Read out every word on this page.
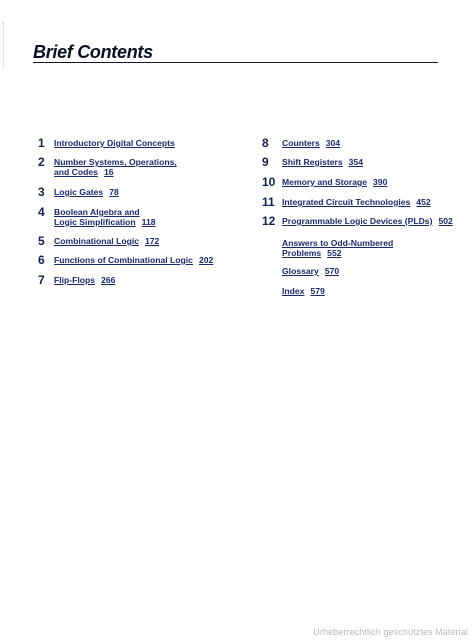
Brief Contents
1 Introductory Digital Concepts
2 Number Systems, Operations,
and Codes 16
3 Logic Gates 78
4 Boolean Algebra and
Logic Simplification 118
5 Combinational Logic 172
6 Functions of Combinational Logic 202
7 Flip-Flops 266
8 Counters 304
9 Shift Registers 354
10 Memory and Storage 390
11 Integrated Circuit Technologies 452
12 Programmable Logic Devices (PLDs) 502
Answers to Odd-Numbered
Problems 552
Glossary 570
Index 579
Urheberrechtlich geschütztes Material
